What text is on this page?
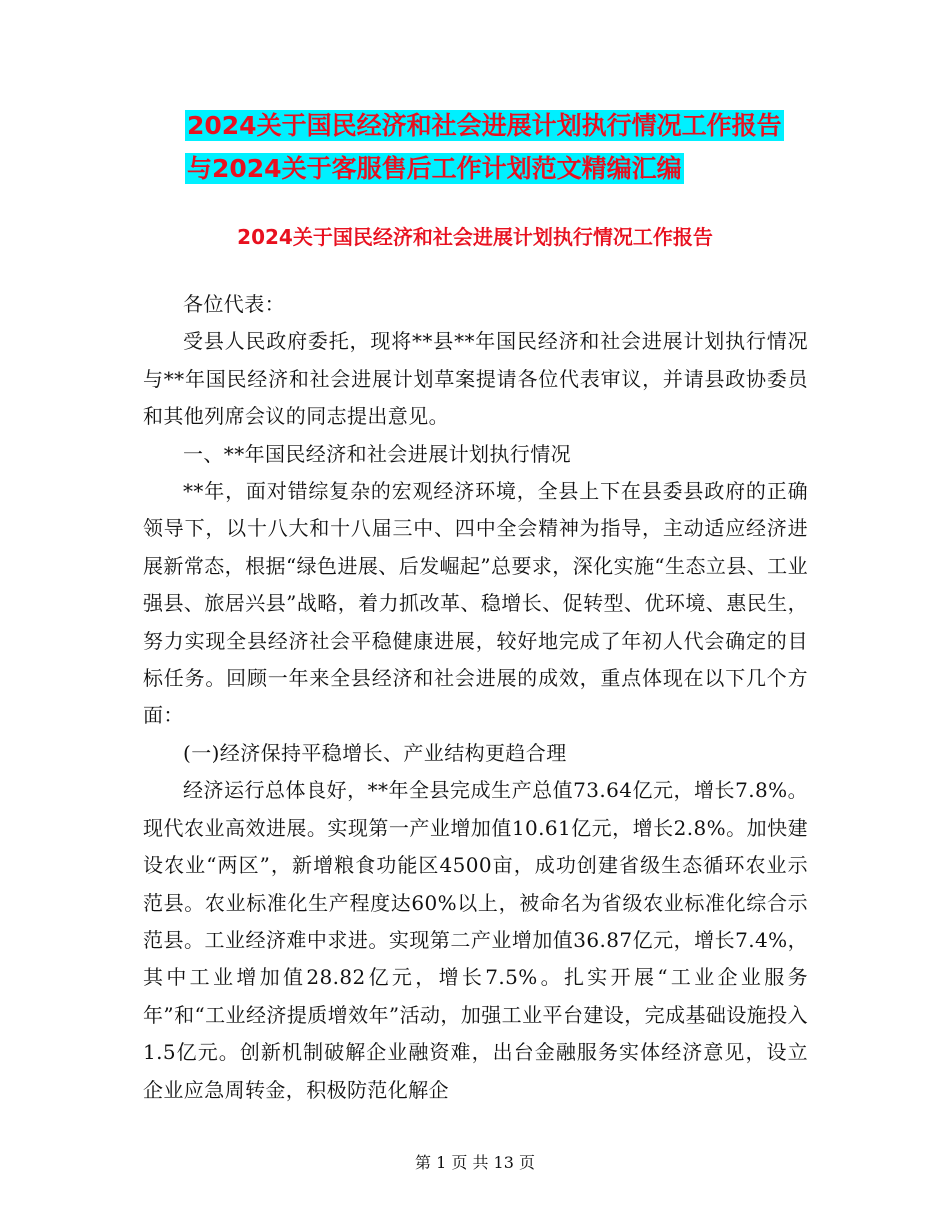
2024关于国民经济和社会进展计划执行情况工作报告
与2024关于客服售后工作计划范文精编汇编
2024关于国民经济和社会进展计划执行情况工作报告

各位代表：

受县人民政府委托，现将**县**年国民经济和社会进展计划执行情况与**年国民经济和社会进展计划草案提请各位代表审议，并请县政协委员和其他列席会议的同志提出意见。

一、**年国民经济和社会进展计划执行情况

**年，面对错综复杂的宏观经济环境，全县上下在县委县政府的正确领导下，以十八大和十八届三中、四中全会精神为指导，主动适应经济进展新常态，根据“绿色进展、后发崛起”总要求，深化实施“生态立县、工业强县、旅居兴县”战略，着力抓改革、稳增长、促转型、优环境、惠民生，努力实现全县经济社会平稳健康进展，较好地完成了年初人代会确定的目标任务。回顾一年来全县经济和社会进展的成效，重点体现在以下几个方面：

(一)经济保持平稳增长、产业结构更趋合理

经济运行总体良好，**年全县完成生产总值73.64亿元，增长7.8%。现代农业高效进展。实现第一产业增加值10.61亿元，增长2.8%。加快建设农业“两区”，新增粮食功能区4500亩，成功创建省级生态循环农业示范县。农业标准化生产程度达60%以上，被命名为省级农业标准化综合示范县。工业经济难中求进。实现第二产业增加值36.87亿元，增长7.4%，其中工业增加值28.82亿元，增长7.5%。扎实开展“工业企业服务年”和“工业经济提质增效年”活动，加强工业平台建设，完成基础设施投入1.5亿元。创新机制破解企业融资难，出台金融服务实体经济意见，设立企业应急周转金，积极防范化解企

第 1 页 共 13 页
